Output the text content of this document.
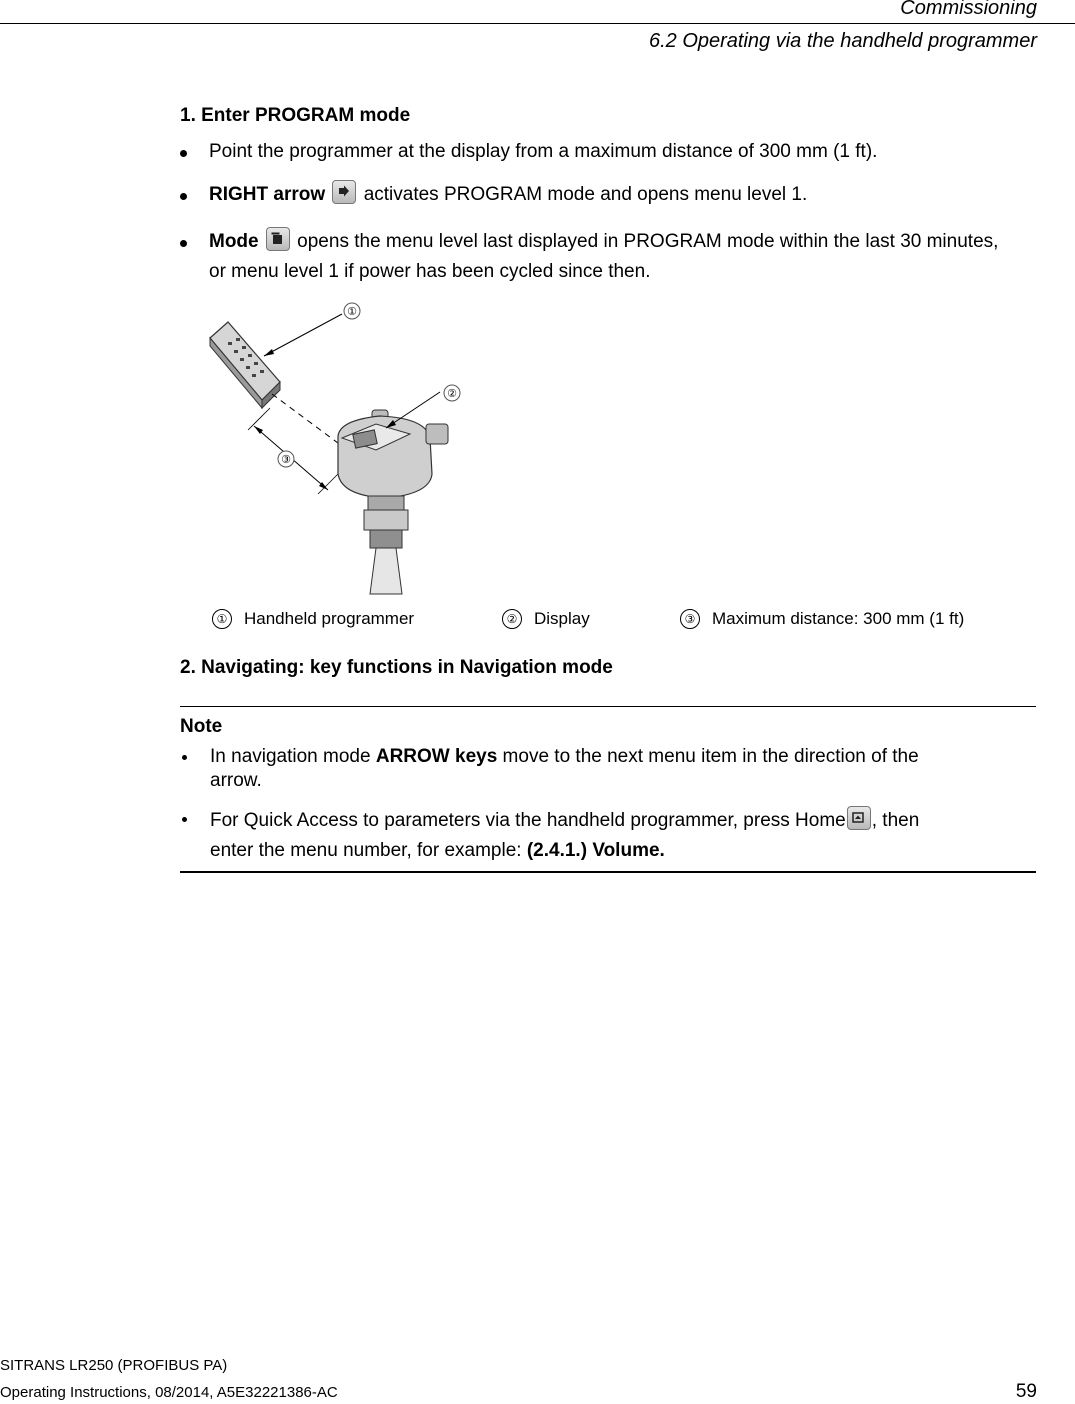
Commissioning
6.2 Operating via the handheld programmer
1. Enter PROGRAM mode
Point the programmer at the display from a maximum distance of 300 mm (1 ft).
RIGHT arrow activates PROGRAM mode and opens menu level 1.
Mode opens the menu level last displayed in PROGRAM mode within the last 30 minutes,
or menu level 1 if power has been cycled since then.
①
③
②
① Handheld programmer	② Display	③ Maximum distance: 300 mm (1 ft)
2. Navigating: key functions in Navigation mode
Note
In navigation mode ARROW keys move to the next menu item in the direction of the
arrow.
For Quick Access to parameters via the handheld programmer, press Home , then
enter the menu number, for example: (2.4.1.) Volume.
SITRANS LR250 (PROFIBUS PA)
Operating Instructions, 08/2014, A5E32221386-AC	59
